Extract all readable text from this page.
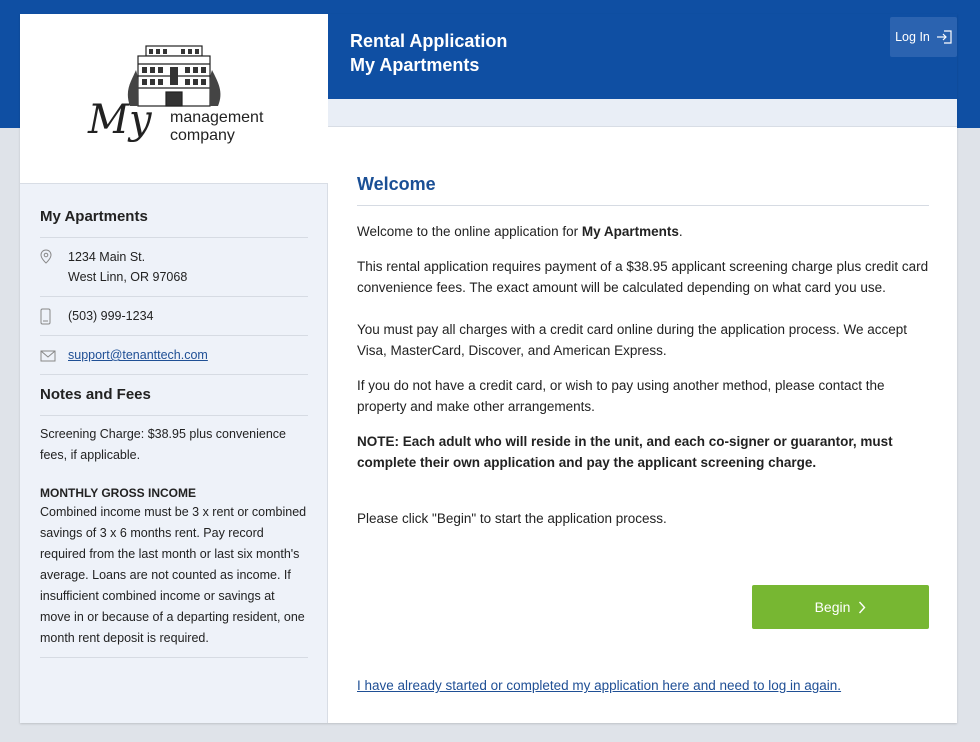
My management
company
My Apartments
1234 Main St.
West Linn, OR 97068
(503) 999-1234
support@tenanttech.com
Notes and Fees
Screening Charge: $38.95 plus convenience fees, if applicable.
MONTHLY GROSS INCOME
Combined income must be 3 x rent or combined savings of 3 x 6 months rent. Pay record required from the last month or last six month's average. Loans are not counted as income. If insufficient combined income or savings at move in or because of a departing resident, one month rent deposit is required.
Rental Application
My Apartments
Log In
Welcome

Welcome to the online application for My Apartments.

This rental application requires payment of a $38.95 applicant screening charge plus credit card convenience fees. The exact amount will be calculated depending on what card you use.

You must pay all charges with a credit card online during the application process. We accept Visa, MasterCard, Discover, and American Express.

If you do not have a credit card, or wish to pay using another method, please contact the property and make other arrangements.

NOTE: Each adult who will reside in the unit, and each co-signer or guarantor, must complete their own application and pay the applicant screening charge.

Please click "Begin" to start the application process.

Begin
I have already started or completed my application here and need to log in again.
